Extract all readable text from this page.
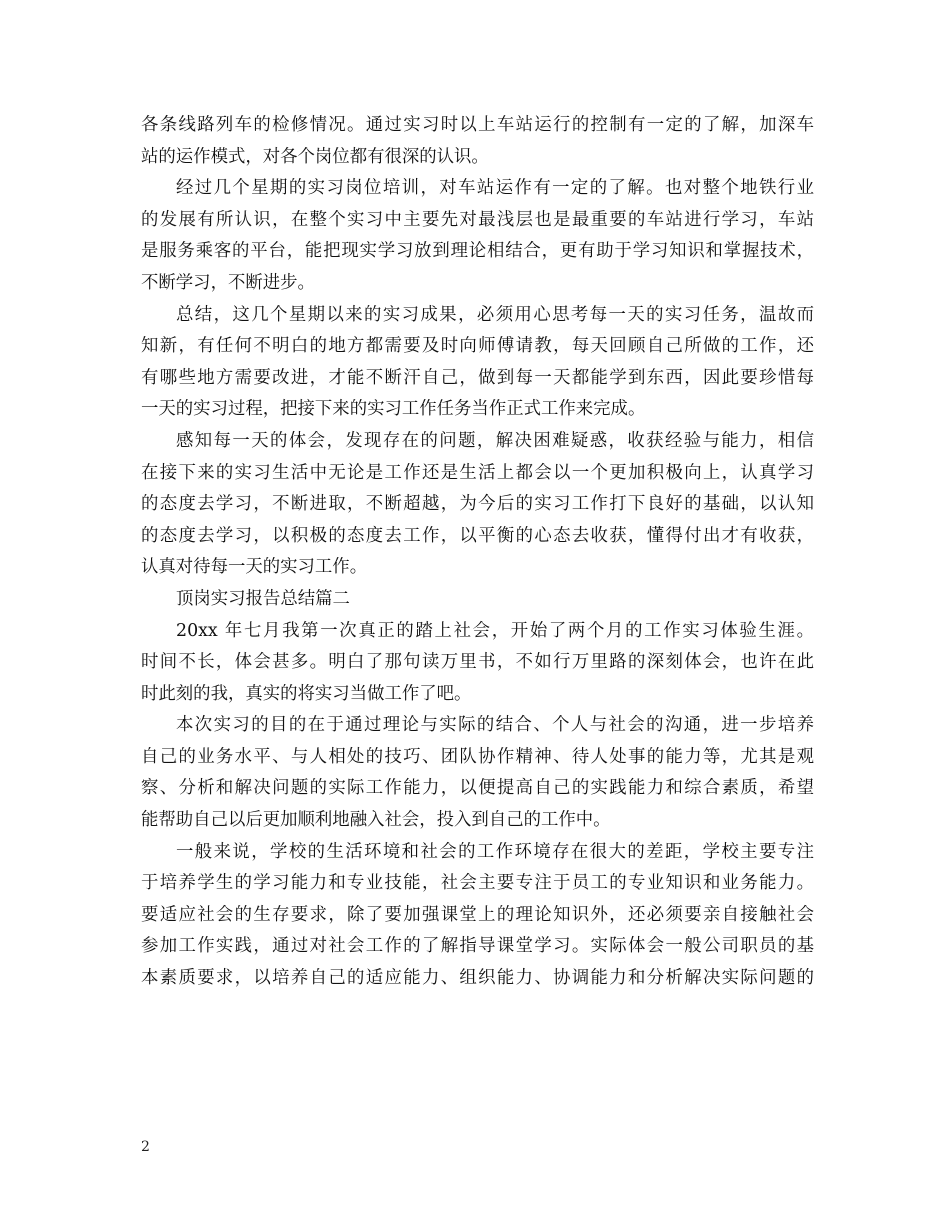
各条线路列车的检修情况。通过实习时以上车站运行的控制有一定的了解，加深车
站的运作模式，对各个岗位都有很深的认识。
经过几个星期的实习岗位培训，对车站运作有一定的了解。也对整个地铁行业
的发展有所认识，在整个实习中主要先对最浅层也是最重要的车站进行学习，车站
是服务乘客的平台，能把现实学习放到理论相结合，更有助于学习知识和掌握技术，
不断学习，不断进步。
总结，这几个星期以来的实习成果，必须用心思考每一天的实习任务，温故而
知新，有任何不明白的地方都需要及时向师傅请教，每天回顾自己所做的工作，还
有哪些地方需要改进，才能不断汗自己，做到每一天都能学到东西，因此要珍惜每
一天的实习过程，把接下来的实习工作任务当作正式工作来完成。
感知每一天的体会，发现存在的问题，解决困难疑惑，收获经验与能力，相信
在接下来的实习生活中无论是工作还是生活上都会以一个更加积极向上，认真学习
的态度去学习，不断进取，不断超越，为今后的实习工作打下良好的基础，以认知
的态度去学习，以积极的态度去工作，以平衡的心态去收获，懂得付出才有收获，
认真对待每一天的实习工作。
顶岗实习报告总结篇二
20xx 年七月我第一次真正的踏上社会，开始了两个月的工作实习体验生涯。
时间不长，体会甚多。明白了那句读万里书，不如行万里路的深刻体会，也许在此
时此刻的我，真实的将实习当做工作了吧。
本次实习的目的在于通过理论与实际的结合、个人与社会的沟通，进一步培养
自己的业务水平、与人相处的技巧、团队协作精神、待人处事的能力等，尤其是观
察、分析和解决问题的实际工作能力，以便提高自己的实践能力和综合素质，希望
能帮助自己以后更加顺利地融入社会，投入到自己的工作中。
一般来说，学校的生活环境和社会的工作环境存在很大的差距，学校主要专注
于培养学生的学习能力和专业技能，社会主要专注于员工的专业知识和业务能力。
要适应社会的生存要求，除了要加强课堂上的理论知识外，还必须要亲自接触社会
参加工作实践，通过对社会工作的了解指导课堂学习。实际体会一般公司职员的基
本素质要求，以培养自己的适应能力、组织能力、协调能力和分析解决实际问题的
2
